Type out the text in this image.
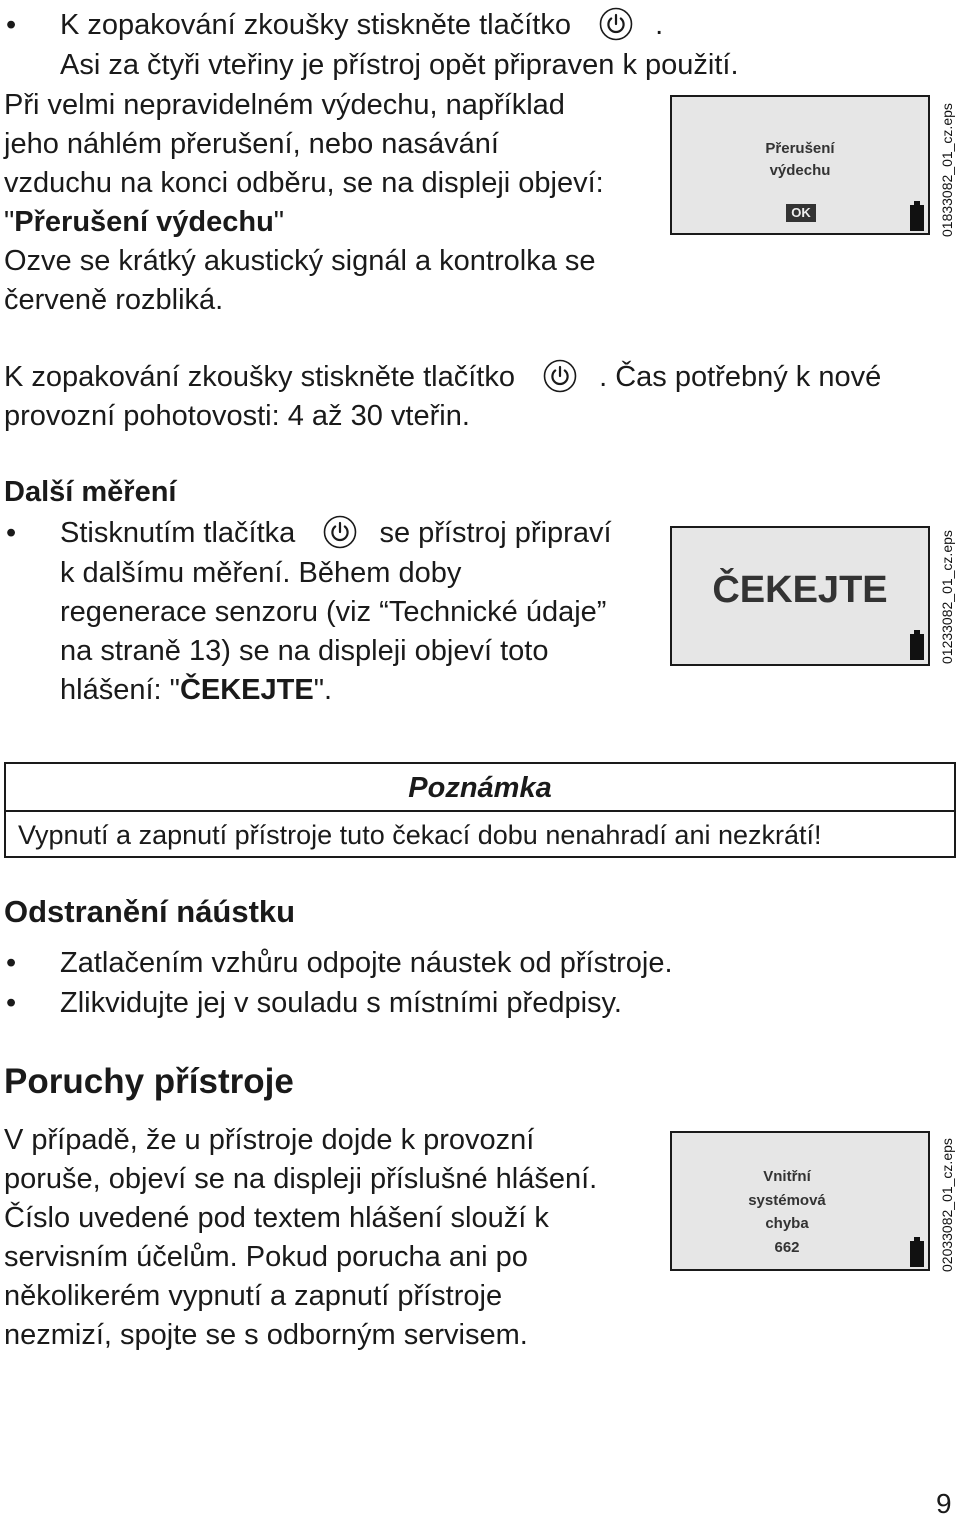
• K zopakování zkoušky stiskněte tlačítko	.
Asi za čtyři vteřiny je přístroj opět připraven k použití.
Při velmi nepravidelném výdechu, například
jeho náhlém přerušení, nebo nasávání
vzduchu na konci odběru, se na displeji objeví:
"Přerušení výdechu"
Ozve se krátký akustický signál a kontrolka se
červeně rozbliká.
Přerušení
výdechu
OK	01833082_01_cz.eps
K zopakování zkoušky stiskněte tlačítko	. Čas potřebný k nové
provozní pohotovosti: 4 až 30 vteřin.
Další měření
• Stisknutím tlačítka	se přístroj připraví
k dalšímu měření. Během doby
regenerace senzoru (viz “Technické údaje”
na straně 13) se na displeji objeví toto
hlášení: "ČEKEJTE".
ČEKEJTE	01233082_01_cz.eps
Poznámka
Vypnutí a zapnutí přístroje tuto čekací dobu nenahradí ani nezkrátí!
Odstranění náústku
• Zatlačením vzhůru odpojte náustek od přístroje.
• Zlikvidujte jej v souladu s místními předpisy.
Poruchy přístroje
V případě, že u přístroje dojde k provozní
poruše, objeví se na displeji příslušné hlášení.
Číslo uvedené pod textem hlášení slouží k
servisním účelům. Pokud porucha ani po
několikerém vypnutí a zapnutí přístroje
nezmizí, spojte se s odborným servisem.
Vnitřní
systémová
chyba
662	02033082_01_cz.eps
9
